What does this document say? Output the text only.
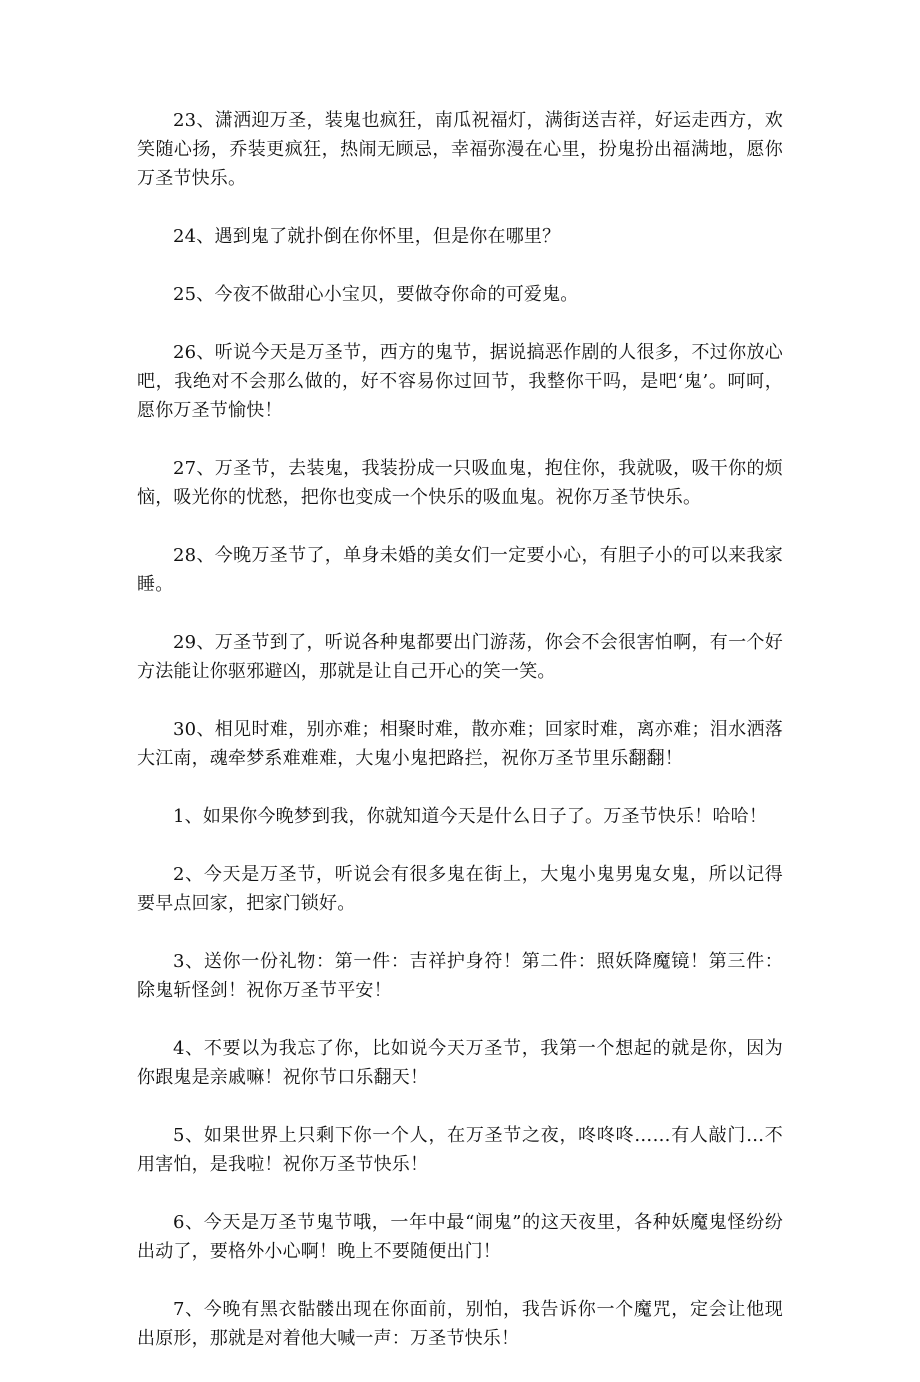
23、潇洒迎万圣，装鬼也疯狂，南瓜祝福灯，满街送吉祥，好运走西方，欢笑随心扬，乔装更疯狂，热闹无顾忌，幸福弥漫在心里，扮鬼扮出福满地，愿你万圣节快乐。

24、遇到鬼了就扑倒在你怀里，但是你在哪里？

25、今夜不做甜心小宝贝，要做夺你命的可爱鬼。

26、听说今天是万圣节，西方的鬼节，据说搞恶作剧的人很多，不过你放心吧，我绝对不会那么做的，好不容易你过回节，我整你干吗，是吧‘鬼’。呵呵，愿你万圣节愉快！

27、万圣节，去装鬼，我装扮成一只吸血鬼，抱住你，我就吸，吸干你的烦恼，吸光你的忧愁，把你也变成一个快乐的吸血鬼。祝你万圣节快乐。

28、今晚万圣节了，单身未婚的美女们一定要小心，有胆子小的可以来我家睡。

29、万圣节到了，听说各种鬼都要出门游荡，你会不会很害怕啊，有一个好方法能让你驱邪避凶，那就是让自己开心的笑一笑。

30、相见时难，别亦难；相聚时难，散亦难；回家时难，离亦难；泪水洒落大江南，魂牵梦系难难难，大鬼小鬼把路拦，祝你万圣节里乐翻翻！

1、如果你今晚梦到我，你就知道今天是什么日子了。万圣节快乐！哈哈！

2、今天是万圣节，听说会有很多鬼在街上，大鬼小鬼男鬼女鬼，所以记得要早点回家，把家门锁好。

3、送你一份礼物：第一件：吉祥护身符！第二件：照妖降魔镜！第三件：除鬼斩怪剑！祝你万圣节平安！

4、不要以为我忘了你，比如说今天万圣节，我第一个想起的就是你，因为你跟鬼是亲戚嘛！祝你节口乐翻天！

5、如果世界上只剩下你一个人，在万圣节之夜，咚咚咚……有人敲门…不用害怕，是我啦！祝你万圣节快乐！

6、今天是万圣节鬼节哦，一年中最“闹鬼”的这天夜里，各种妖魔鬼怪纷纷出动了，要格外小心啊！晚上不要随便出门！

7、今晚有黑衣骷髅出现在你面前，别怕，我告诉你一个魔咒，定会让他现出原形，那就是对着他大喊一声：万圣节快乐！
